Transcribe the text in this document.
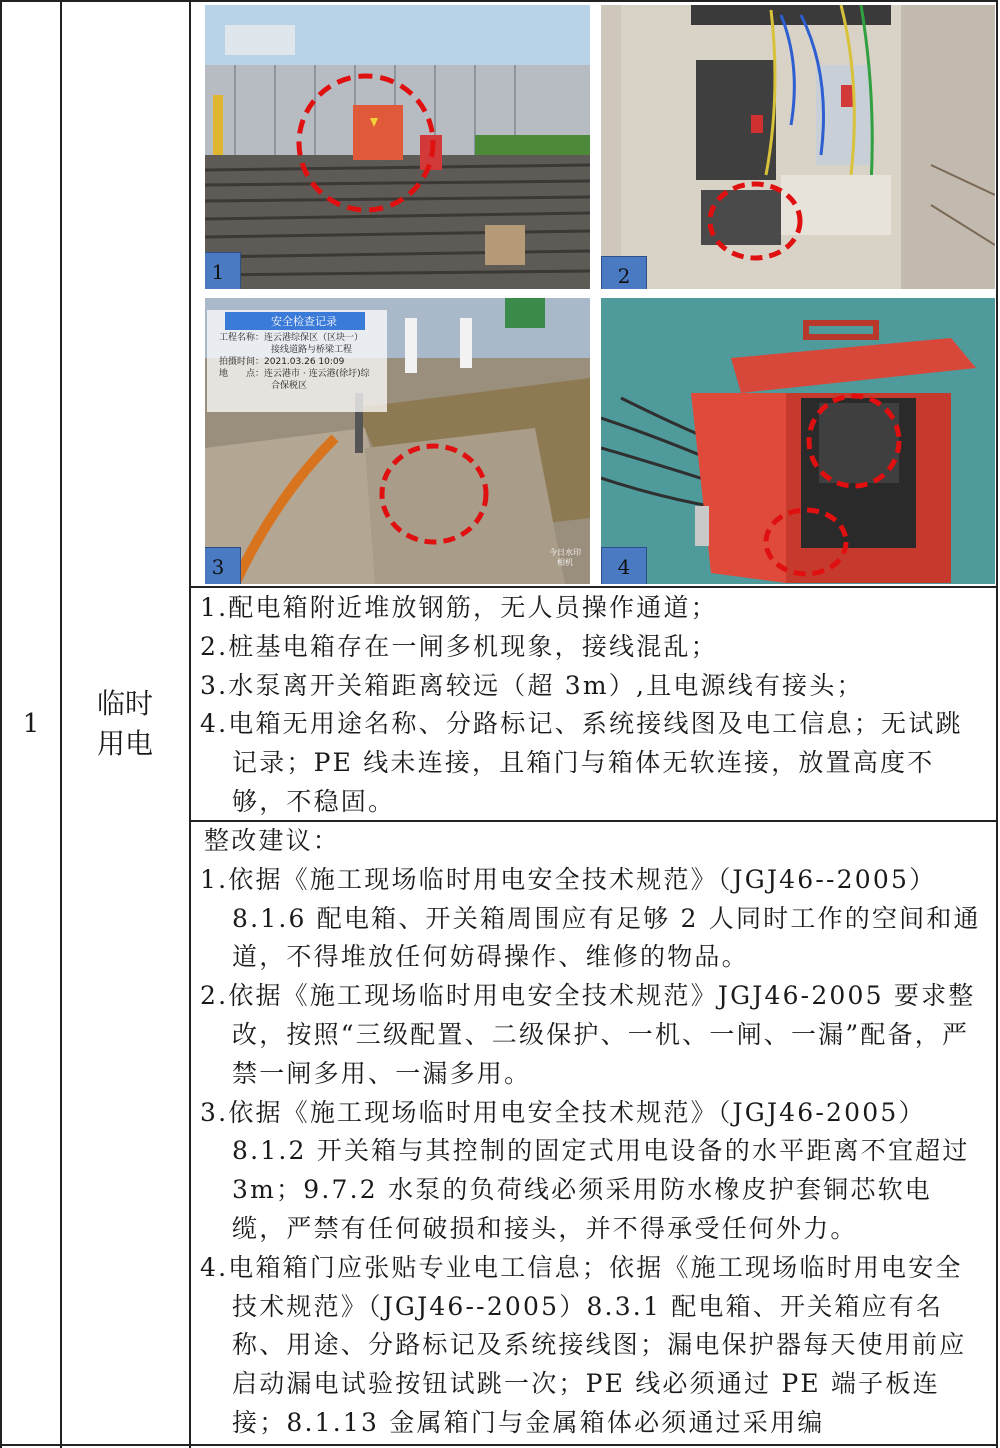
1
临时用电
1	2
安全检查记录
工程名称：连云港综保区（区块一）
接线道路与桥梁工程
拍摄时间：2021.03.26 10:09
地　　点：连云港市 · 连云港(徐圩)综
合保税区
今日水印
相机
3	4
1.配电箱附近堆放钢筋，无人员操作通道；
2.桩基电箱存在一闸多机现象，接线混乱；
3.水泵离开关箱距离较远（超 3m）,且电源线有接头；
4.电箱无用途名称、分路标记、系统接线图及电工信息；无试跳记录；PE 线未连接，且箱门与箱体无软连接，放置高度不够，不稳固。
整改建议：
1.依据《施工现场临时用电安全技术规范》（JGJ46--2005）8.1.6 配电箱、开关箱周围应有足够 2 人同时工作的空间和通道，不得堆放任何妨碍操作、维修的物品。
2.依据《施工现场临时用电安全技术规范》JGJ46-2005 要求整改，按照“三级配置、二级保护、一机、一闸、一漏”配备，严禁一闸多用、一漏多用。
3.依据《施工现场临时用电安全技术规范》（JGJ46-2005）8.1.2 开关箱与其控制的固定式用电设备的水平距离不宜超过 3m；9.7.2 水泵的负荷线必须采用防水橡皮护套铜芯软电缆，严禁有任何破损和接头，并不得承受任何外力。
4.电箱箱门应张贴专业电工信息；依据《施工现场临时用电安全技术规范》（JGJ46--2005）8.3.1 配电箱、开关箱应有名称、用途、分路标记及系统接线图；漏电保护器每天使用前应启动漏电试验按钮试跳一次；PE 线必须通过 PE 端子板连接；8.1.13 金属箱门与金属箱体必须通过采用编
